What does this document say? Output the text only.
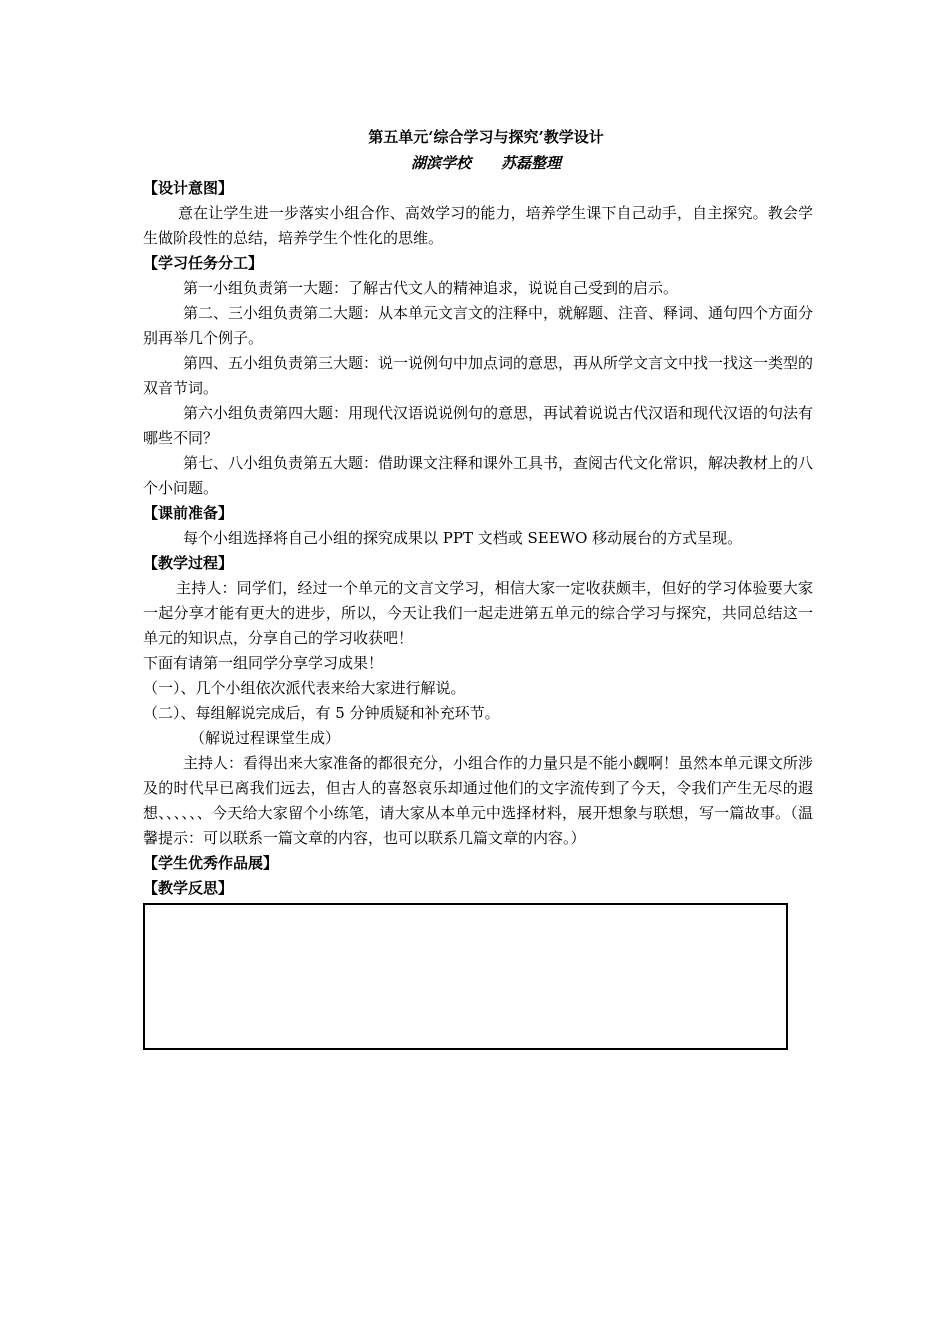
第五单元‘综合学习与探究’教学设计

湖滨学校 苏磊整理

【设计意图】

意在让学生进一步落实小组合作、高效学习的能力，培养学生课下自己动手，自主探究。教会学生做阶段性的总结，培养学生个性化的思维。

【学习任务分工】

第一小组负责第一大题：了解古代文人的精神追求，说说自己受到的启示。

第二、三小组负责第二大题：从本单元文言文的注释中，就解题、注音、释词、通句四个方面分别再举几个例子。

第四、五小组负责第三大题：说一说例句中加点词的意思，再从所学文言文中找一找这一类型的双音节词。

第六小组负责第四大题：用现代汉语说说例句的意思，再试着说说古代汉语和现代汉语的句法有哪些不同？

第七、八小组负责第五大题：借助课文注释和课外工具书，查阅古代文化常识，解决教材上的八个小问题。

【课前准备】

每个小组选择将自己小组的探究成果以 PPT 文档或 SEEWO 移动展台的方式呈现。

【教学过程】

主持人：同学们，经过一个单元的文言文学习，相信大家一定收获颇丰，但好的学习体验要大家一起分享才能有更大的进步，所以，今天让我们一起走进第五单元的综合学习与探究，共同总结这一单元的知识点，分享自己的学习收获吧！

下面有请第一组同学分享学习成果！

（一）、几个小组依次派代表来给大家进行解说。

（二）、每组解说完成后，有 5 分钟质疑和补充环节。

（解说过程课堂生成）

主持人：看得出来大家准备的都很充分，小组合作的力量只是不能小觑啊！虽然本单元课文所涉及的时代早已离我们远去，但古人的喜怒哀乐却通过他们的文字流传到了今天，令我们产生无尽的遐想、、、、、、今天给大家留个小练笔，请大家从本单元中选择材料，展开想象与联想，写一篇故事。（温馨提示：可以联系一篇文章的内容，也可以联系几篇文章的内容。）

【学生优秀作品展】

【教学反思】
